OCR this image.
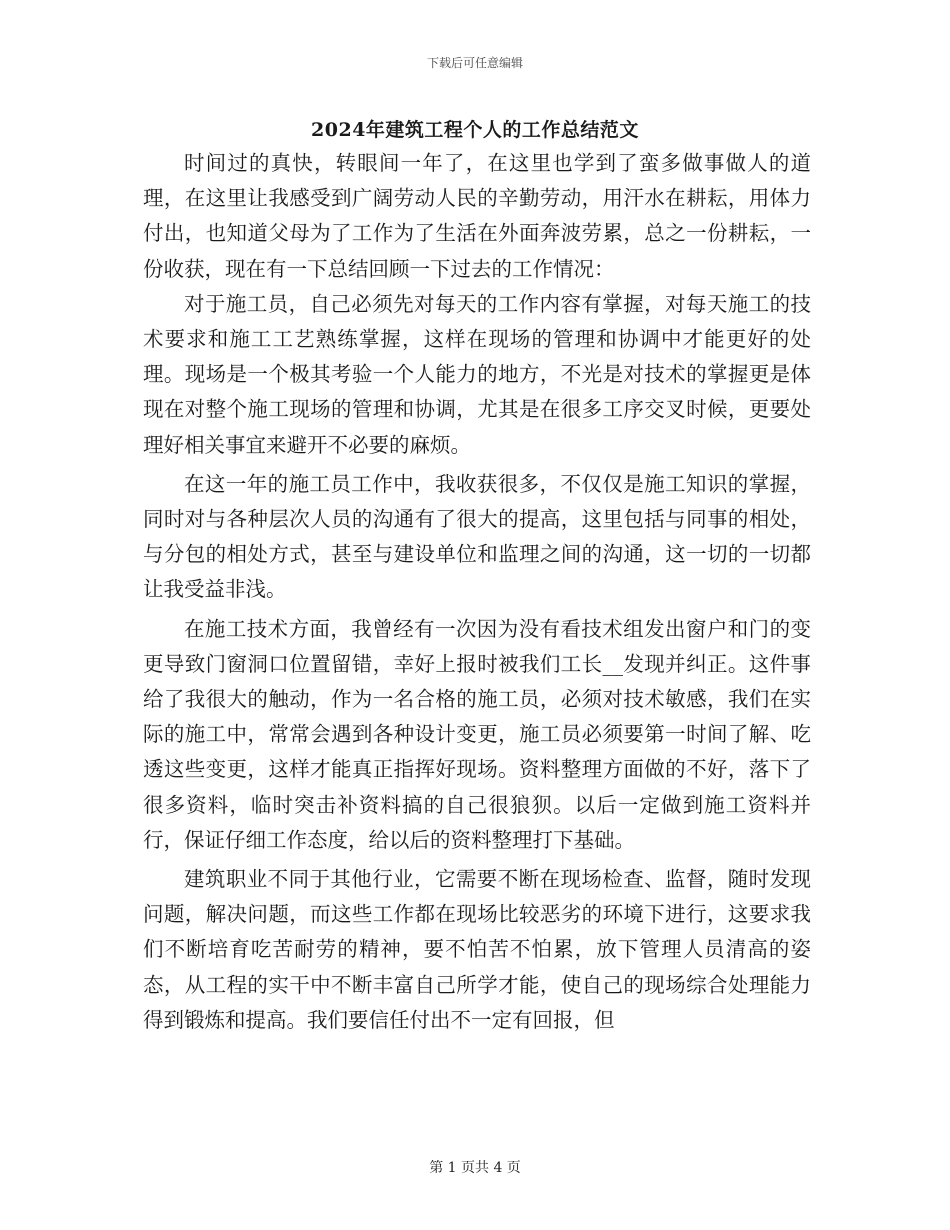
下载后可任意编辑
2024年建筑工程个人的工作总结范文

时间过的真快，转眼间一年了，在这里也学到了蛮多做事做人的道理，在这里让我感受到广阔劳动人民的辛勤劳动，用汗水在耕耘，用体力付出，也知道父母为了工作为了生活在外面奔波劳累，总之一份耕耘，一份收获，现在有一下总结回顾一下过去的工作情况：

对于施工员，自己必须先对每天的工作内容有掌握，对每天施工的技术要求和施工工艺熟练掌握，这样在现场的管理和协调中才能更好的处理。现场是一个极其考验一个人能力的地方，不光是对技术的掌握更是体现在对整个施工现场的管理和协调，尤其是在很多工序交叉时候，更要处理好相关事宜来避开不必要的麻烦。

在这一年的施工员工作中，我收获很多，不仅仅是施工知识的掌握，同时对与各种层次人员的沟通有了很大的提高，这里包括与同事的相处，与分包的相处方式，甚至与建设单位和监理之间的沟通，这一切的一切都让我受益非浅。

在施工技术方面，我曾经有一次因为没有看技术组发出窗户和门的变更导致门窗洞口位置留错，幸好上报时被我们工长__发现并纠正。这件事给了我很大的触动，作为一名合格的施工员，必须对技术敏感，我们在实际的施工中，常常会遇到各种设计变更，施工员必须要第一时间了解、吃透这些变更，这样才能真正指挥好现场。资料整理方面做的不好，落下了很多资料，临时突击补资料搞的自己很狼狈。以后一定做到施工资料并行，保证仔细工作态度，给以后的资料整理打下基础。

建筑职业不同于其他行业，它需要不断在现场检查、监督，随时发现问题，解决问题，而这些工作都在现场比较恶劣的环境下进行，这要求我们不断培育吃苦耐劳的精神，要不怕苦不怕累，放下管理人员清高的姿态，从工程的实干中不断丰富自己所学才能，使自己的现场综合处理能力得到锻炼和提高。我们要信任付出不一定有回报，但

第 1 页共 4 页
